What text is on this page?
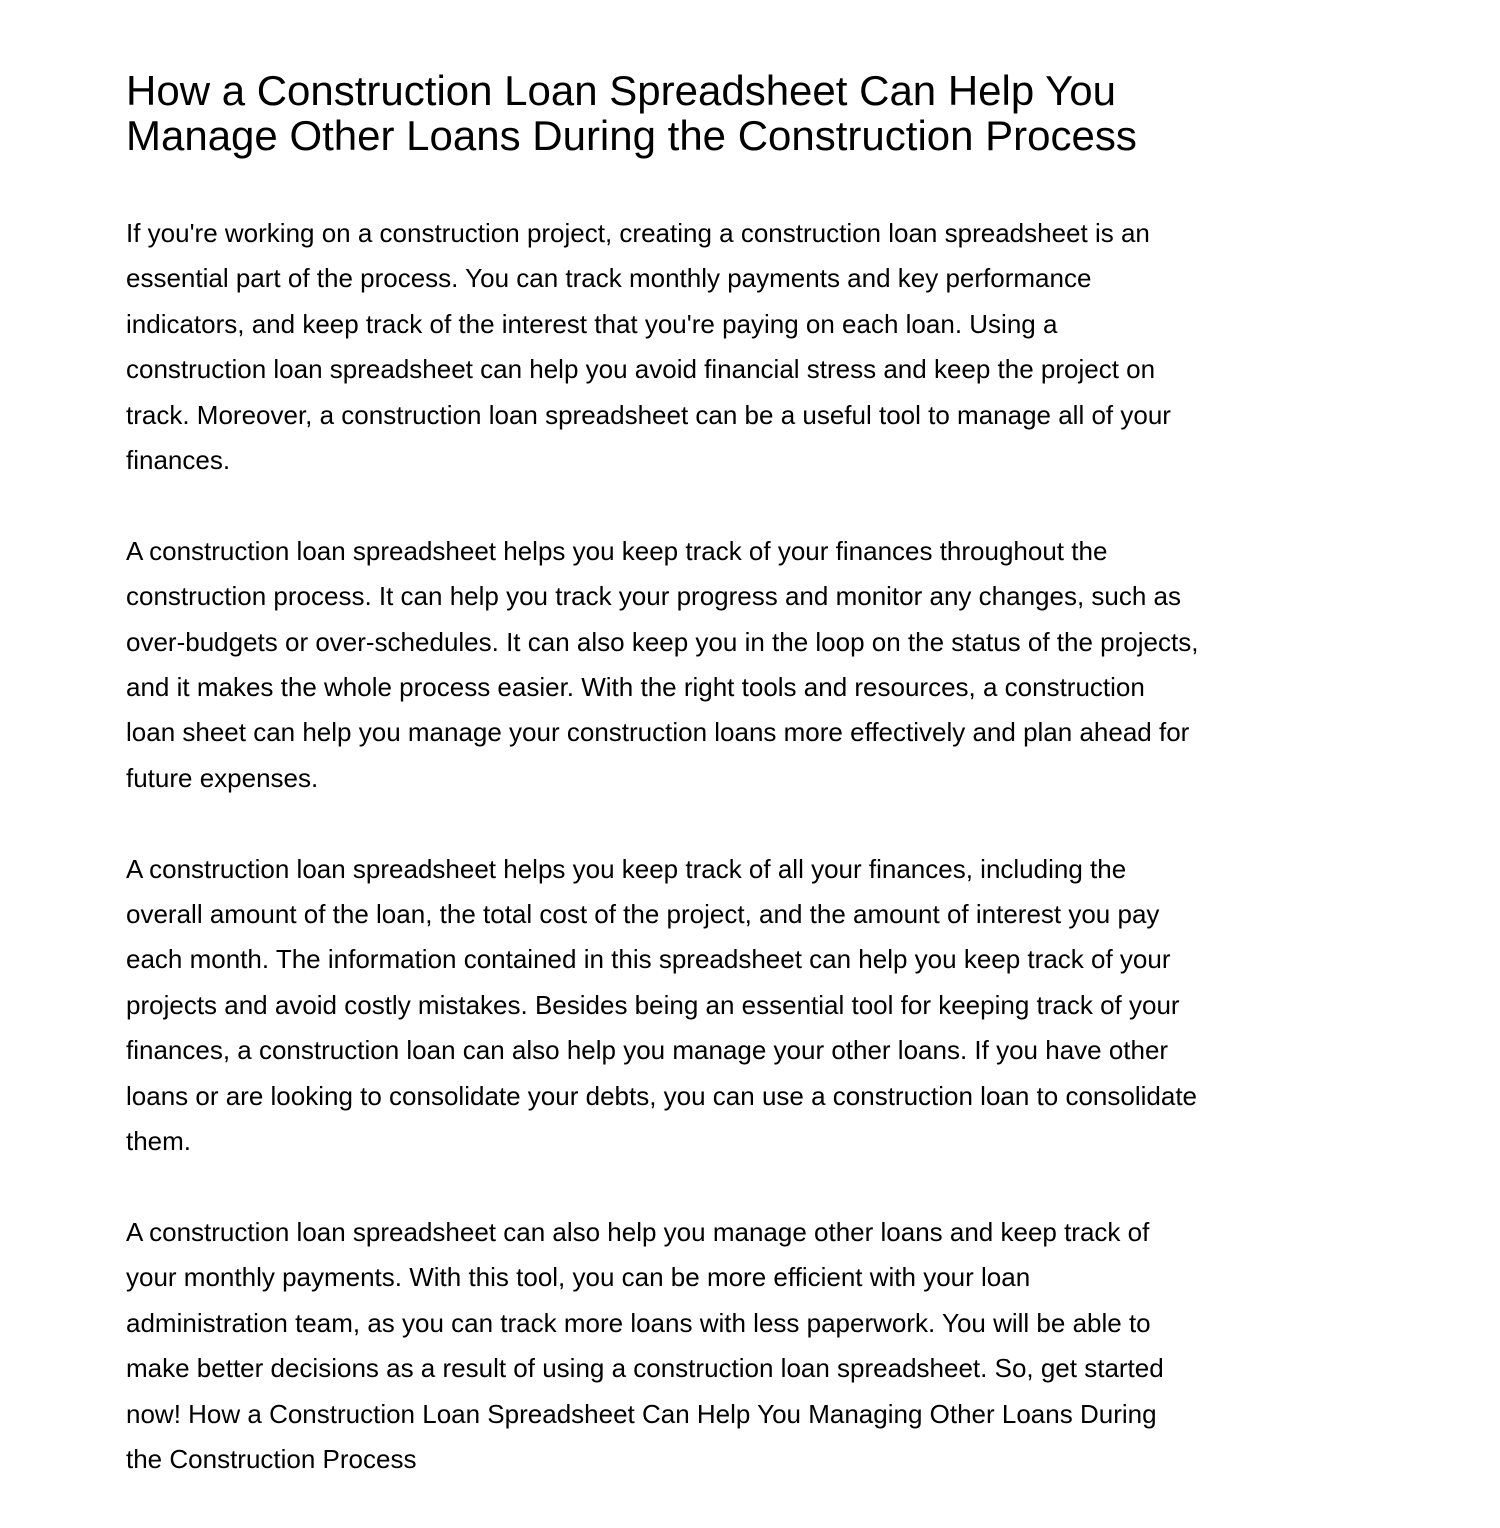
How a Construction Loan Spreadsheet Can Help You
Manage Other Loans During the Construction Process

If you're working on a construction project, creating a construction loan spreadsheet is an
essential part of the process. You can track monthly payments and key performance
indicators, and keep track of the interest that you're paying on each loan. Using a
construction loan spreadsheet can help you avoid financial stress and keep the project on
track. Moreover, a construction loan spreadsheet can be a useful tool to manage all of your
finances.

A construction loan spreadsheet helps you keep track of your finances throughout the
construction process. It can help you track your progress and monitor any changes, such as
over-budgets or over-schedules. It can also keep you in the loop on the status of the projects,
and it makes the whole process easier. With the right tools and resources, a construction
loan sheet can help you manage your construction loans more effectively and plan ahead for
future expenses.

A construction loan spreadsheet helps you keep track of all your finances, including the
overall amount of the loan, the total cost of the project, and the amount of interest you pay
each month. The information contained in this spreadsheet can help you keep track of your
projects and avoid costly mistakes. Besides being an essential tool for keeping track of your
finances, a construction loan can also help you manage your other loans. If you have other
loans or are looking to consolidate your debts, you can use a construction loan to consolidate
them.

A construction loan spreadsheet can also help you manage other loans and keep track of
your monthly payments. With this tool, you can be more efficient with your loan
administration team, as you can track more loans with less paperwork. You will be able to
make better decisions as a result of using a construction loan spreadsheet. So, get started
now! How a Construction Loan Spreadsheet Can Help You Managing Other Loans During
the Construction Process
